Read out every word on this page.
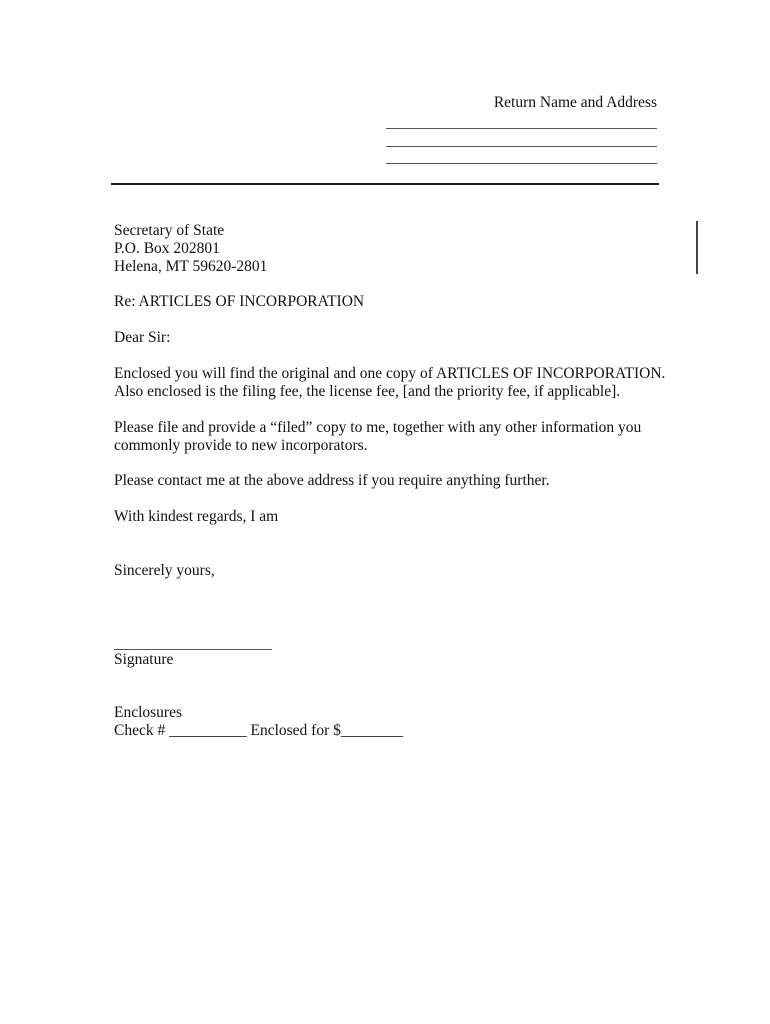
Return Name and Address
Secretary of State
P.O. Box 202801
Helena, MT 59620-2801
Re: ARTICLES OF INCORPORATION
Dear Sir:
Enclosed you will find the original and one copy of ARTICLES OF INCORPORATION.
Also enclosed is the filing fee, the license fee, [and the priority fee, if applicable].
Please file and provide a “filed” copy to me, together with any other information you
commonly provide to new incorporators.
Please contact me at the above address if you require anything further.
With kindest regards, I am
Sincerely yours,
Signature
Enclosures
Check # __________ Enclosed for $________
